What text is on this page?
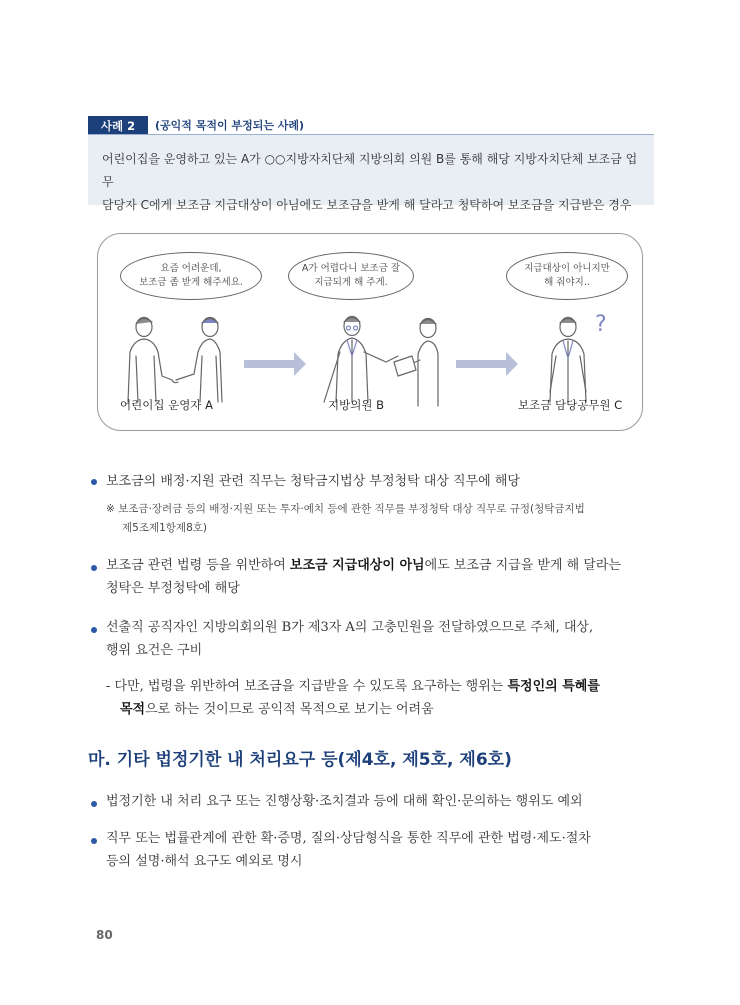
사례 2	(공익적 목적이 부정되는 사례)
어린이집을 운영하고 있는 A가 ○○지방자치단체 지방의회 의원 B를 통해 해당 지방자치단체 보조금 업무
담당자 C에게 보조금 지급대상이 아님에도 보조금을 받게 해 달라고 청탁하여 보조금을 지급받은 경우
요즘 어려운데,
보조금 좀 받게 해주세요.
A가 어렵다니 보조금 잘
지급되게 해 주게.
지급대상이 아니지만
해 줘야지..
?
어린이집 운영자 A	지방의원 B	보조금 담당공무원 C
보조금의 배정·지원 관련 직무는 청탁금지법상 부정청탁 대상 직무에 해당
※ 보조금·장려금 등의 배정·지원 또는 투자·예치 등에 관한 직무를 부정청탁 대상 직무로 규정(청탁금지법
제5조제1항제8호)
보조금 관련 법령 등을 위반하여 보조금 지급대상이 아님에도 보조금 지급을 받게 해 달라는
청탁은 부정청탁에 해당
선출직 공직자인 지방의회의원 B가 제3자 A의 고충민원을 전달하였으므로 주체, 대상,
행위 요건은 구비
- 다만, 법령을 위반하여 보조금을 지급받을 수 있도록 요구하는 행위는 특정인의 특혜를
목적으로 하는 것이므로 공익적 목적으로 보기는 어려움
마. 기타 법정기한 내 처리요구 등(제4호, 제5호, 제6호)
법정기한 내 처리 요구 또는 진행상황·조치결과 등에 대해 확인·문의하는 행위도 예외
직무 또는 법률관계에 관한 확·증명, 질의·상담형식을 통한 직무에 관한 법령·제도·절차
등의 설명·해석 요구도 예외로 명시
80
